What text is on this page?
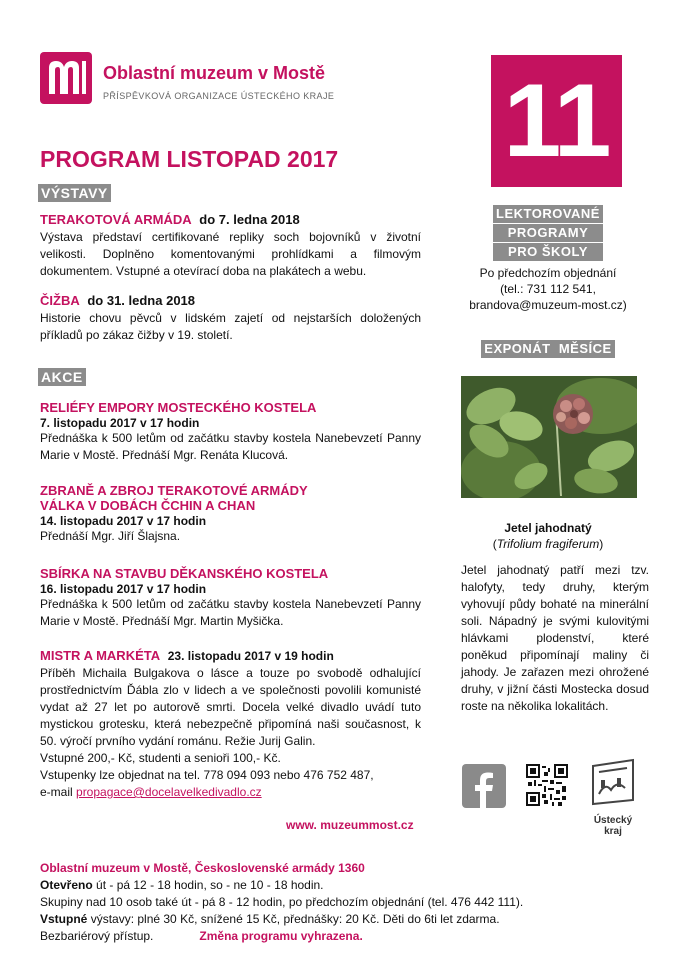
Oblastní muzeum v Mostě
PŘÍSPĚVKOVÁ ORGANIZACE ÚSTECKÉHO KRAJE
PROGRAM LISTOPAD 2017 11
VÝSTAVY
TERAKOTOVÁ ARMÁDA do 7. ledna 2018
Výstava představí certifikované repliky soch bojovníků v životní velikosti. Doplněno komentovanými prohlídkami a filmovým dokumentem. Vstupné a otevírací doba na plakátech a webu.
ČIŽBA do 31. ledna 2018
Historie chovu pěvců v lidském zajetí od nejstarších doložených příkladů po zákaz čižby v 19. století.
AKCE
RELIÉFY EMPORY MOSTECKÉHO KOSTELA
7. listopadu 2017 v 17 hodin
Přednáška k 500 letům od začátku stavby kostela Nanebevzetí Panny Marie v Mostě. Přednáší Mgr. Renáta Klucová.
ZBRANĚ A ZBROJ TERAKOTOVÉ ARMÁDY
VÁLKA V DOBÁCH ČCHIN A CHAN
14. listopadu 2017 v 17 hodin
Přednáší Mgr. Jiří Šlajsna.
SBÍRKA NA STAVBU DĚKANSKÉHO KOSTELA
16. listopadu 2017 v 17 hodin
Přednáška k 500 letům od začátku stavby kostela Nanebevzetí Panny Marie v Mostě. Přednáší Mgr. Martin Myšička.
MISTR A MARKÉTA 23. listopadu 2017 v 19 hodin
Příběh Michaila Bulgakova o lásce a touze po svobodě odhalující prostřednictvím Ďábla zlo v lidech a ve společnosti povolili komunisté vydat až 27 let po autorově smrti. Docela velké divadlo uvádí tuto mystickou grotesku, která nebezpečně připomíná naši současnost, k 50. výročí prvního vydání románu. Režie Jurij Galin.
Vstupné 200,- Kč, studenti a senioři 100,- Kč.
Vstupenky lze objednat na tel. 778 094 093 nebo 476 752 487,
e-mail propagace@docelavelkedivadlo.cz
www. muzeummost.cz
LEKTOROVANÉ
PROGRAMY
PRO ŠKOLY
Po předchozím objednání
(tel.: 731 112 541,
brandova@muzeum-most.cz)
EXPONÁT  MĚSÍCE
Jetel jahodnatý
(Trifolium fragiferum)
Jetel jahodnatý patří mezi tzv. halofyty, tedy druhy, kterým vyhovují půdy bohaté na minerální soli. Nápadný je svými kulovitými hlávkami plodenství, které poněkud připomínají maliny či jahody. Je zařazen mezi ohrožené druhy, v jižní části Mostecka dosud roste na několika lokalitách.
Ústecký kraj
Oblastní muzeum v Mostě, Československé armády 1360
Otevřeno út - pá 12 - 18 hodin, so - ne 10 - 18 hodin.
Skupiny nad 10 osob také út - pá 8 - 12 hodin, po předchozím objednání (tel. 476 442 111).
Vstupné výstavy: plné 30 Kč, snížené 15 Kč, přednášky: 20 Kč. Děti do 6ti let zdarma.
Bezbariérový přístup.	Změna programu vyhrazena.
